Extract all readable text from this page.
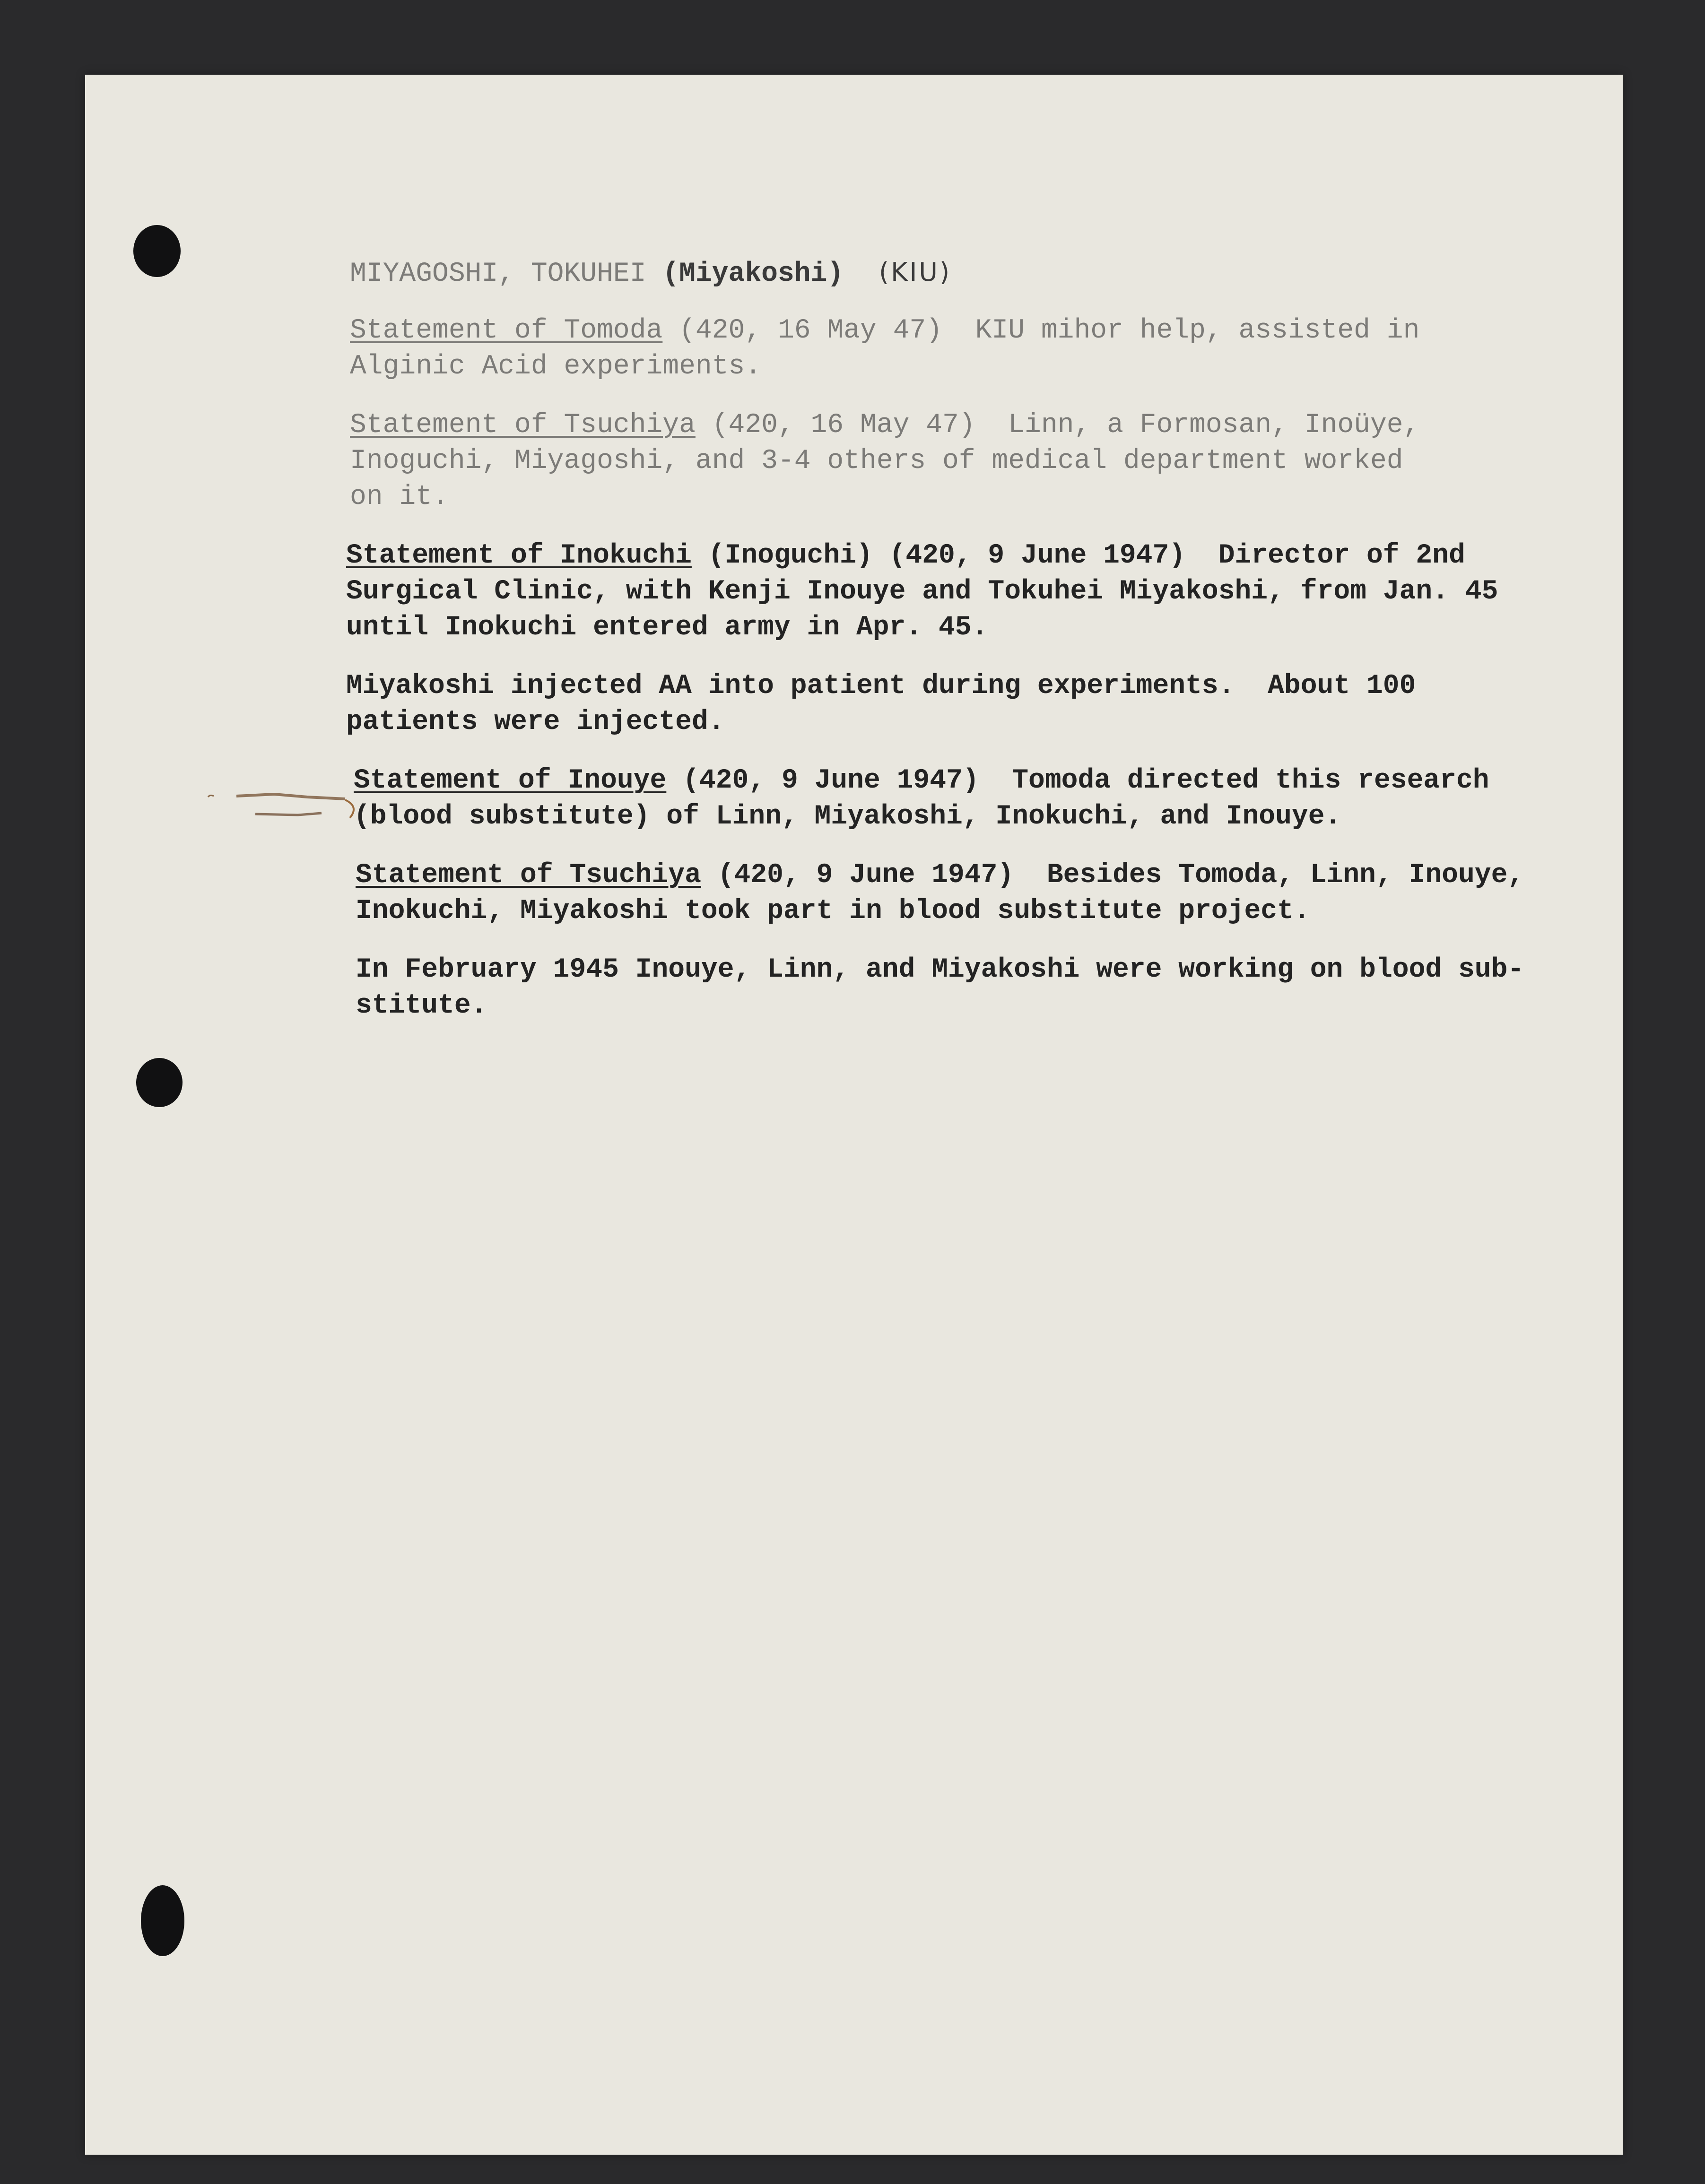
MIYAGOSHI, TOKUHEI (Miyakoshi) (KIU)

Statement of Tomoda (420, 16 May 47)  KIU mihor help, assisted in
Alginic Acid experiments.

Statement of Tsuchiya (420, 16 May 47)  Linn, a Formosan, Inoüye,
Inoguchi, Miyagoshi, and 3-4 others of medical department worked
on it.

Statement of Inokuchi (Inoguchi) (420, 9 June 1947)  Director of 2nd
Surgical Clinic, with Kenji Inouye and Tokuhei Miyakoshi, from Jan. 45
until Inokuchi entered army in Apr. 45.

Miyakoshi injected AA into patient during experiments.  About 100
patients were injected.

Statement of Inouye (420, 9 June 1947)  Tomoda directed this research
(blood substitute) of Linn, Miyakoshi, Inokuchi, and Inouye.

Statement of Tsuchiya (420, 9 June 1947)  Besides Tomoda, Linn, Inouye,
Inokuchi, Miyakoshi took part in blood substitute project.

In February 1945 Inouye, Linn, and Miyakoshi were working on blood sub-
stitute.
